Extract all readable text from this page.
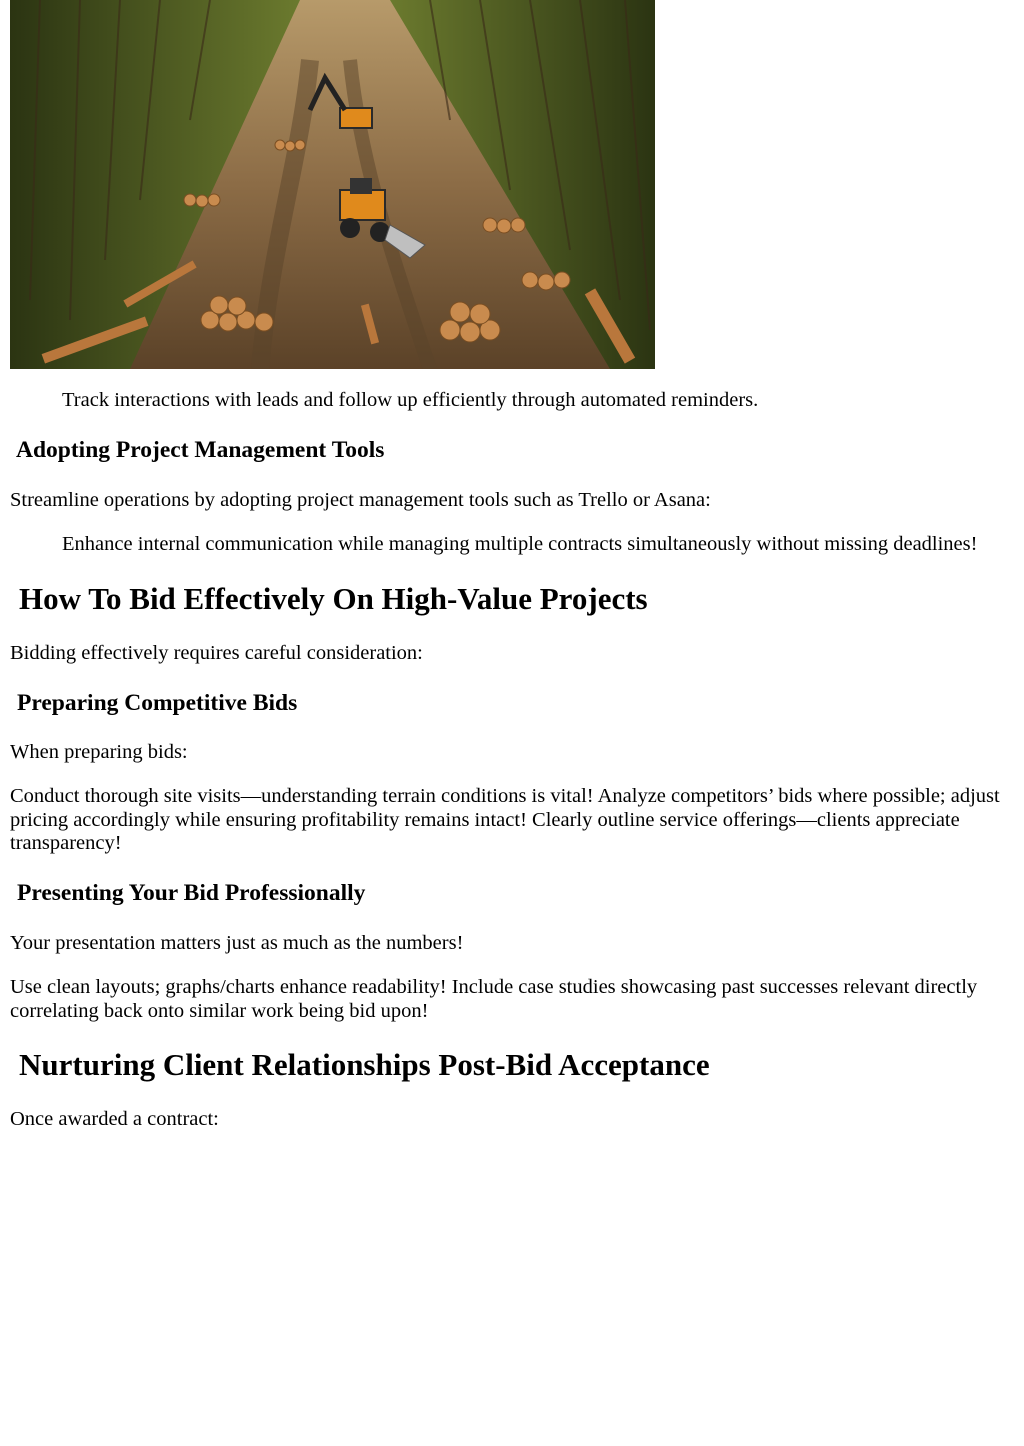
Track interactions with leads and follow up efficiently through automated reminders.

Adopting Project Management Tools

Streamline operations by adopting project management tools such as Trello or Asana:

Enhance internal communication while managing multiple contracts simultaneously without missing deadlines!

How To Bid Effectively On High-Value Projects

Bidding effectively requires careful consideration:

Preparing Competitive Bids

When preparing bids:

Conduct thorough site visits—understanding terrain conditions is vital! Analyze competitors’ bids where possible; adjust pricing accordingly while ensuring profitability remains intact! Clearly outline service offerings—clients appreciate transparency!

Presenting Your Bid Professionally

Your presentation matters just as much as the numbers!

Use clean layouts; graphs/charts enhance readability! Include case studies showcasing past successes relevant directly correlating back onto similar work being bid upon!

Nurturing Client Relationships Post-Bid Acceptance

Once awarded a contract:
